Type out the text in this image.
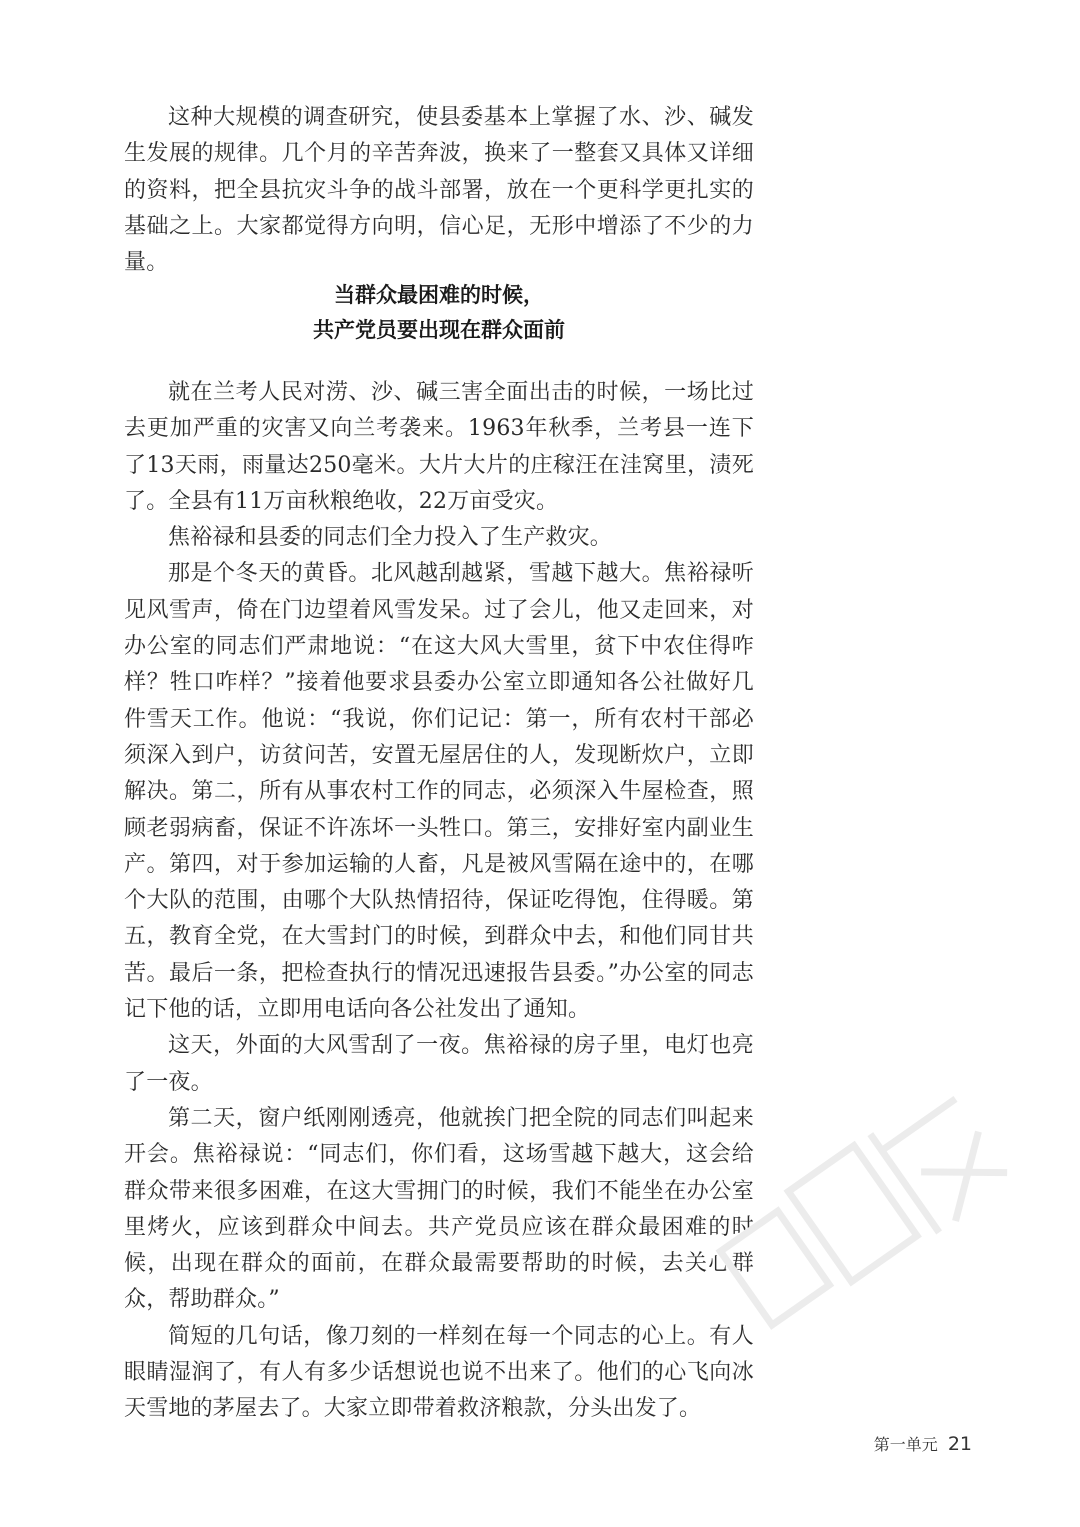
这种大规模的调查研究，使县委基本上掌握了水、沙、碱发生发展的规律。几个月的辛苦奔波，换来了一整套又具体又详细的资料，把全县抗灾斗争的战斗部署，放在一个更科学更扎实的基础之上。大家都觉得方向明，信心足，无形中增添了不少的力量。

当群众最困难的时候，
共产党员要出现在群众面前

就在兰考人民对涝、沙、碱三害全面出击的时候，一场比过去更加严重的灾害又向兰考袭来。1963年秋季，兰考县一连下了13天雨，雨量达250毫米。大片大片的庄稼汪在洼窝里，渍死了。全县有11万亩秋粮绝收，22万亩受灾。

焦裕禄和县委的同志们全力投入了生产救灾。

那是个冬天的黄昏。北风越刮越紧，雪越下越大。焦裕禄听见风雪声，倚在门边望着风雪发呆。过了会儿，他又走回来，对办公室的同志们严肃地说：“在这大风大雪里，贫下中农住得咋样？牲口咋样？”接着他要求县委办公室立即通知各公社做好几件雪天工作。他说：“我说，你们记记：第一，所有农村干部必须深入到户，访贫问苦，安置无屋居住的人，发现断炊户，立即解决。第二，所有从事农村工作的同志，必须深入牛屋检查，照顾老弱病畜，保证不许冻坏一头牲口。第三，安排好室内副业生产。第四，对于参加运输的人畜，凡是被风雪隔在途中的，在哪个大队的范围，由哪个大队热情招待，保证吃得饱，住得暖。第五，教育全党，在大雪封门的时候，到群众中去，和他们同甘共苦。最后一条，把检查执行的情况迅速报告县委。”办公室的同志记下他的话，立即用电话向各公社发出了通知。

这天，外面的大风雪刮了一夜。焦裕禄的房子里，电灯也亮了一夜。

第二天，窗户纸刚刚透亮，他就挨门把全院的同志们叫起来开会。焦裕禄说：“同志们，你们看，这场雪越下越大，这会给群众带来很多困难，在这大雪拥门的时候，我们不能坐在办公室里烤火，应该到群众中间去。共产党员应该在群众最困难的时候，出现在群众的面前，在群众最需要帮助的时候，去关心群众，帮助群众。”

简短的几句话，像刀刻的一样刻在每一个同志的心上。有人眼睛湿润了，有人有多少话想说也说不出来了。他们的心飞向冰天雪地的茅屋去了。大家立即带着救济粮款，分头出发了。

第一单元 21
